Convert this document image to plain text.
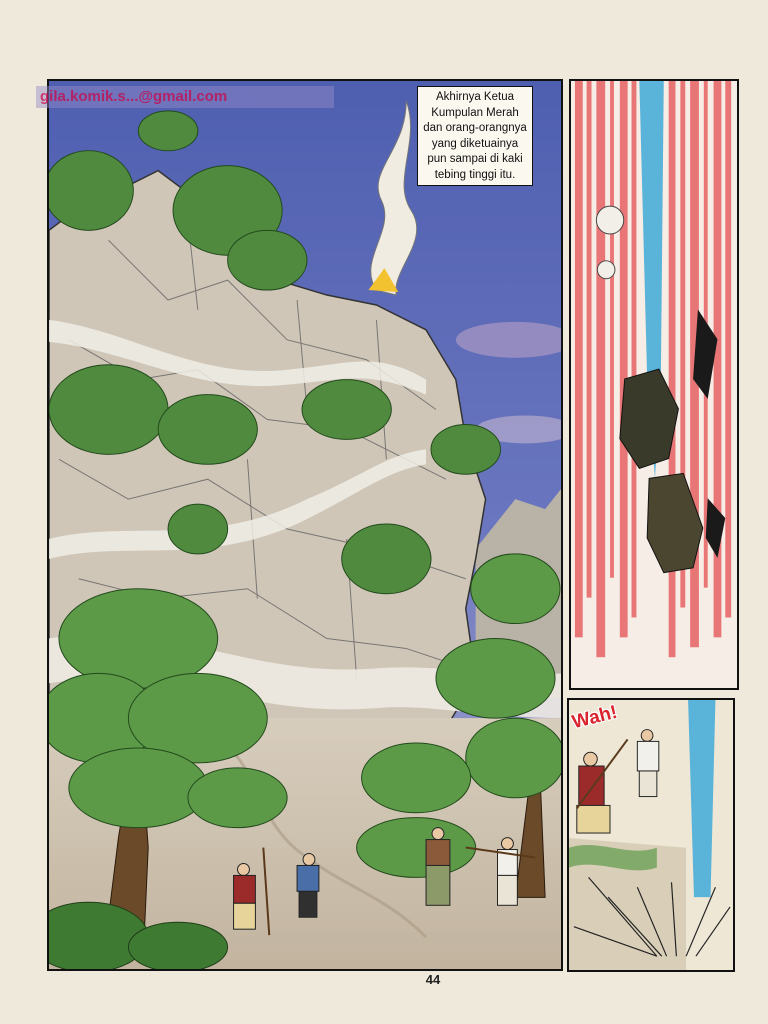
gila.komik.s...@gmail.com	Akhirnya Ketua
Kumpulan Merah
dan orang-orangnya
yang diketuainya
pun sampai di kaki
tebing tinggi itu.
Wah!
44
